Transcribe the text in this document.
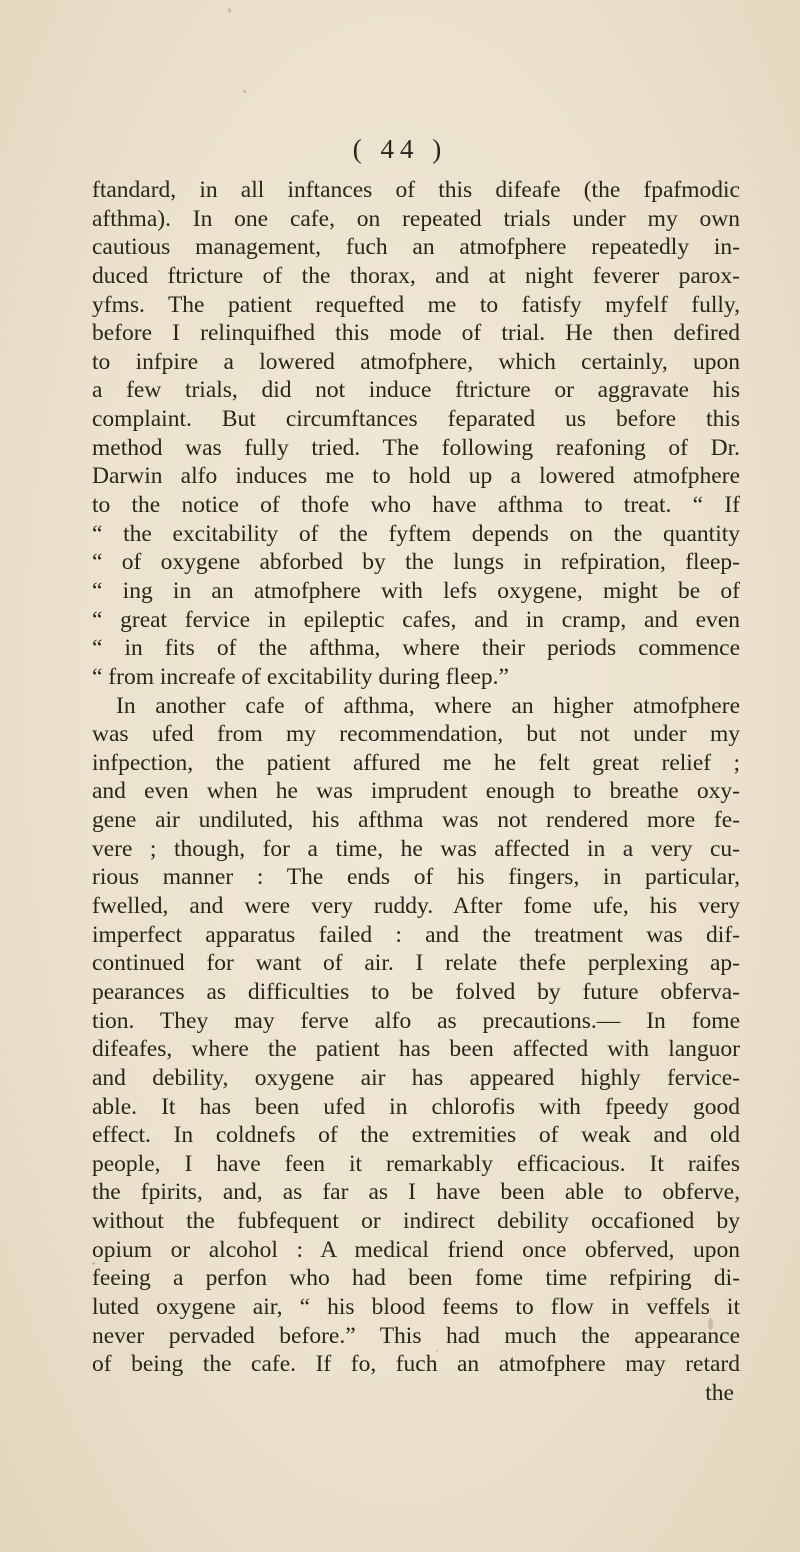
( 44 )
ftandard, in all inftances of this difeafe (the fpafmodic
afthma). In one cafe, on repeated trials under my own
cautious management, fuch an atmofphere repeatedly in-
duced ftricture of the thorax, and at night feverer parox-
yfms. The patient requefted me to fatisfy myfelf fully,
before I relinquifhed this mode of trial. He then defired
to infpire a lowered atmofphere, which certainly, upon
a few trials, did not induce ftricture or aggravate his
complaint. But circumftances feparated us before this
method was fully tried. The following reafoning of Dr.
Darwin alfo induces me to hold up a lowered atmofphere
to the notice of thofe who have afthma to treat. “ If
“ the excitability of the fyftem depends on the quantity
“ of oxygene abforbed by the lungs in refpiration, fleep-
“ ing in an atmofphere with lefs oxygene, might be of
“ great fervice in epileptic cafes, and in cramp, and even
“ in fits of the afthma, where their periods commence
“ from increafe of excitability during fleep.”
In another cafe of afthma, where an higher atmofphere
was ufed from my recommendation, but not under my
infpection, the patient affured me he felt great relief ;
and even when he was imprudent enough to breathe oxy-
gene air undiluted, his afthma was not rendered more fe-
vere ; though, for a time, he was affected in a very cu-
rious manner : The ends of his fingers, in particular,
fwelled, and were very ruddy. After fome ufe, his very
imperfect apparatus failed : and the treatment was dif-
continued for want of air. I relate thefe perplexing ap-
pearances as difficulties to be folved by future obferva-
tion. They may ferve alfo as precautions.— In fome
difeafes, where the patient has been affected with languor
and debility, oxygene air has appeared highly fervice-
able. It has been ufed in chlorofis with fpeedy good
effect. In coldnefs of the extremities of weak and old
people, I have feen it remarkably efficacious. It raifes
the fpirits, and, as far as I have been able to obferve,
without the fubfequent or indirect debility occafioned by
opium or alcohol : A medical friend once obferved, upon
feeing a perfon who had been fome time refpiring di-
luted oxygene air, “ his blood feems to flow in veffels it
never pervaded before.” This had much the appearance
of being the cafe. If fo, fuch an atmofphere may retard
the
